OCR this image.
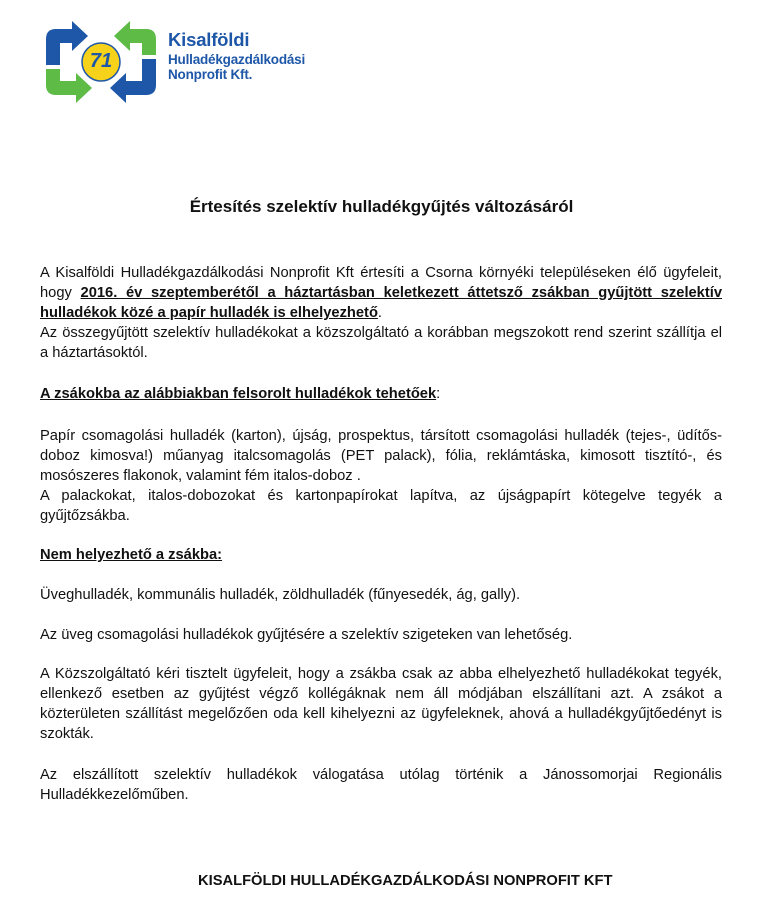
71
Kisalföldi
Hulladékgazdálkodási
Nonprofit Kft.
Értesítés szelektív hulladékgyűjtés változásáról

A Kisalföldi Hulladékgazdálkodási Nonprofit Kft értesíti a Csorna környéki településeken élő ügyfeleit, hogy 2016. év szeptemberétől a háztartásban keletkezett áttetsző zsákban gyűjtött szelektív hulladékok közé a papír hulladék is elhelyezhető.

Az összegyűjtött szelektív hulladékokat a közszolgáltató a korábban megszokott rend szerint szállítja el a háztartásoktól.

A zsákokba az alábbiakban felsorolt hulladékok tehetőek:

Papír csomagolási hulladék (karton), újság, prospektus, társított csomagolási hulladék (tejes-, üdítős-doboz kimosva!) műanyag italcsomagolás (PET palack), fólia, reklámtáska, kimosott tisztító-, és mosószeres flakonok, valamint fém italos-doboz .

A palackokat, italos-dobozokat és kartonpapírokat lapítva, az újságpapírt kötegelve tegyék a gyűjtőzsákba.

Nem helyezhető a zsákba:

Üveghulladék, kommunális hulladék, zöldhulladék (fűnyesedék, ág, gally).

Az üveg csomagolási hulladékok gyűjtésére a szelektív szigeteken van lehetőség.

A Közszolgáltató kéri tisztelt ügyfeleit, hogy a zsákba csak az abba elhelyezhető hulladékokat tegyék, ellenkező esetben az gyűjtést végző kollégáknak nem áll módjában elszállítani azt. A zsákot a közterületen szállítást megelőzően oda kell kihelyezni az ügyfeleknek, ahová a hulladékgyűjtőedényt is szokták.

Az elszállított szelektív hulladékok válogatása utólag történik a Jánossomorjai Regionális Hulladékkezelőműben.

KISALFÖLDI HULLADÉKGAZDÁLKODÁSI NONPROFIT KFT
